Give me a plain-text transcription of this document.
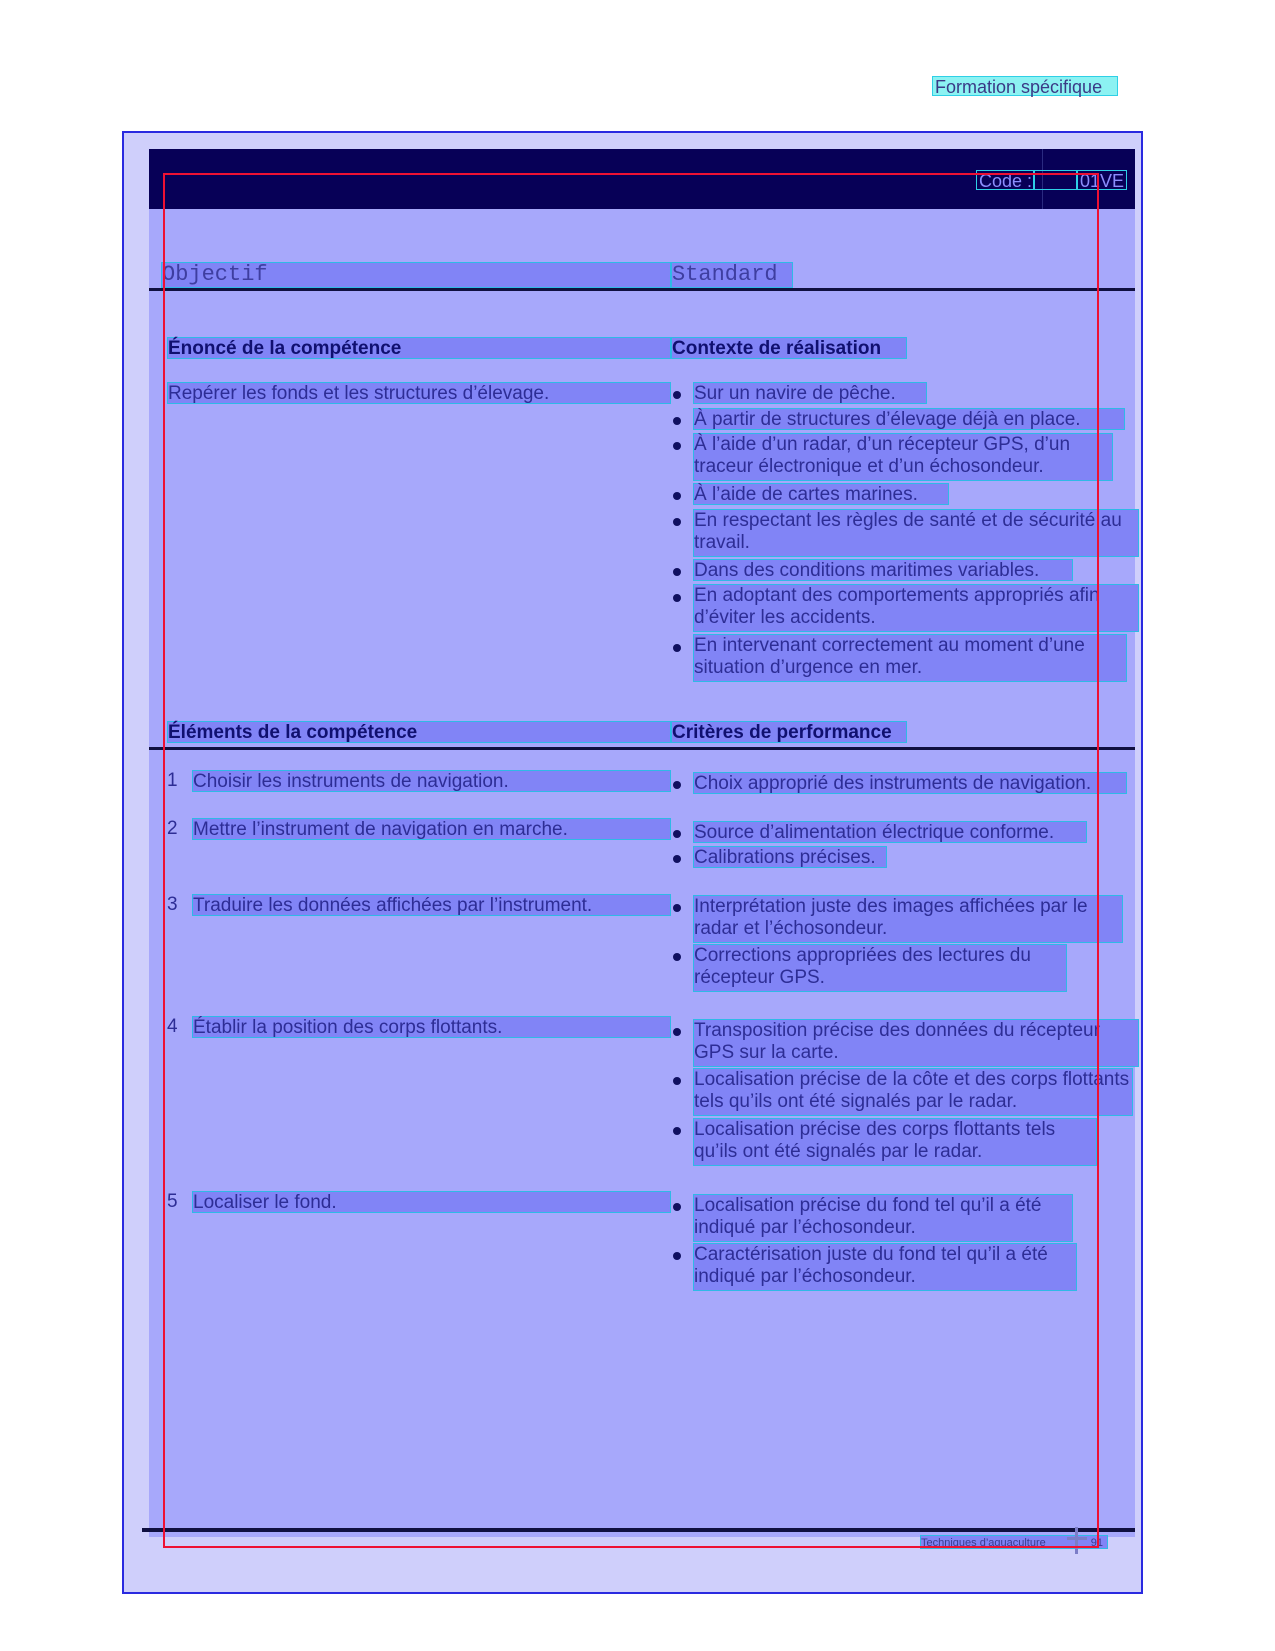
Formation spécifique
Code :	01VE
Objectif	Standard
Énoncé de la compétence	Contexte de réalisation
Repérer les fonds et les structures d’élevage.	Sur un navire de pêche.
À partir de structures d’élevage déjà en place.
À l’aide d’un radar, d’un récepteur GPS, d’un traceur électronique et d’un échosondeur.
À l’aide de cartes marines.
En respectant les règles de santé et de sécurité au travail.
Dans des conditions maritimes variables.
En adoptant des comportements appropriés afin d’éviter les accidents.
En intervenant correctement au moment d’une situation d’urgence en mer.
Éléments de la compétence	Critères de performance
1 Choisir les instruments de navigation.	Choix approprié des instruments de navigation.
2 Mettre l’instrument de navigation en marche.	Source d’alimentation électrique conforme.
Calibrations précises.
3 Traduire les données affichées par l’instrument.	Interprétation juste des images affichées par le radar et l’échosondeur.
Corrections appropriées des lectures du récepteur GPS.
4 Établir la position des corps flottants.	Transposition précise des données du récepteur GPS sur la carte.
Localisation précise de la côte et des corps flottants tels qu’ils ont été signalés par le radar.
Localisation précise des corps flottants tels qu’ils ont été signalés par le radar.
5 Localiser le fond.	Localisation précise du fond tel qu’il a été indiqué par l’échosondeur.
Caractérisation juste du fond tel qu’il a été indiqué par l’échosondeur.
Techniques d’aquaculture	91
